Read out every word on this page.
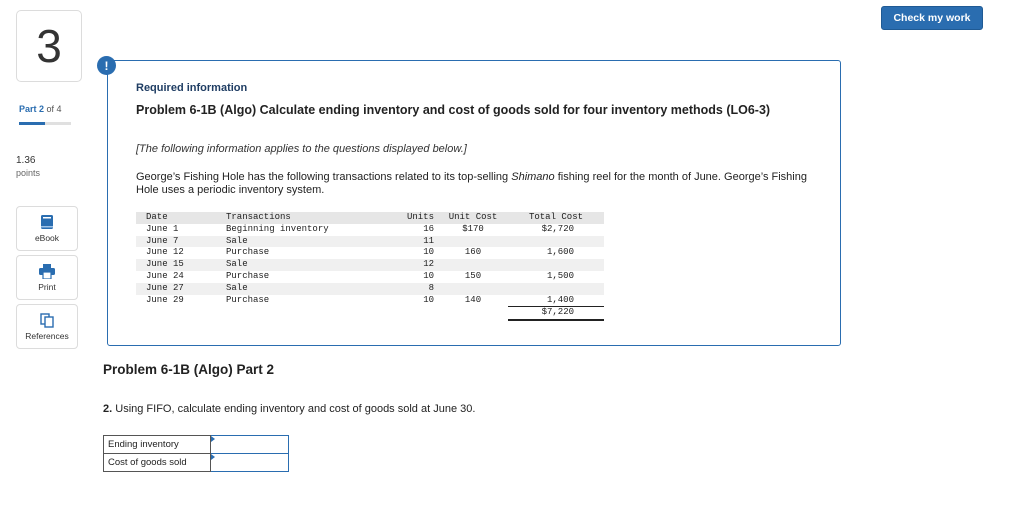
3
Part 2 of 4
1.36
points
eBook
Print
References
Check my work
!
Required information
Problem 6-1B (Algo) Calculate ending inventory and cost of goods sold for four inventory methods (LO6-3)
[The following information applies to the questions displayed below.]
George’s Fishing Hole has the following transactions related to its top-selling Shimano fishing reel for the month of June. George’s Fishing Hole uses a periodic inventory system.
Date	Transactions	Units	Unit Cost	Total Cost
June 1	Beginning inventory	16	$170	$2,720
June 7	Sale	11		
June 12	Purchase	10	160	1,600
June 15	Sale	12		
June 24	Purchase	10	150	1,500
June 27	Sale	8		
June 29	Purchase	10	140	1,400
				$7,220
Problem 6-1B (Algo) Part 2
2. Using FIFO, calculate ending inventory and cost of goods sold at June 30.
Ending inventory	

Cost of goods sold	
